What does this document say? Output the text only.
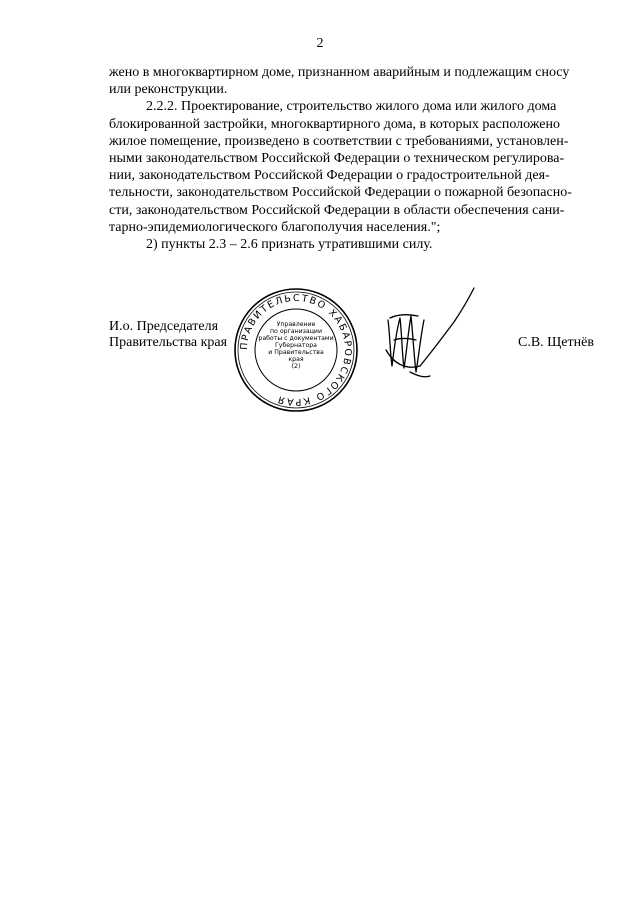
2
жено в многоквартирном доме, признанном аварийным и подлежащим сносу
или реконструкции.
2.2.2. Проектирование, строительство жилого дома или жилого дома
блокированной застройки, многоквартирного дома, в которых расположено
жилое помещение, произведено в соответствии с требованиями, установлен-
ными законодательством Российской Федерации о техническом регулирова-
нии, законодательством Российской Федерации о градостроительной дея-
тельности, законодательством Российской Федерации о пожарной безопасно-
сти, законодательством Российской Федерации в области обеспечения сани-
тарно-эпидемиологического благополучия населения.";
2) пункты 2.3 – 2.6 признать утратившими силу.
И.о. Председателя
Правительства края ПРАВИТЕЛЬСТВО ХАБАРОВСКОГО КРАЯ
Управление
по организации
работы с документами
Губернатора
и Правительства
края
(2)
С.В. Щетнёв
